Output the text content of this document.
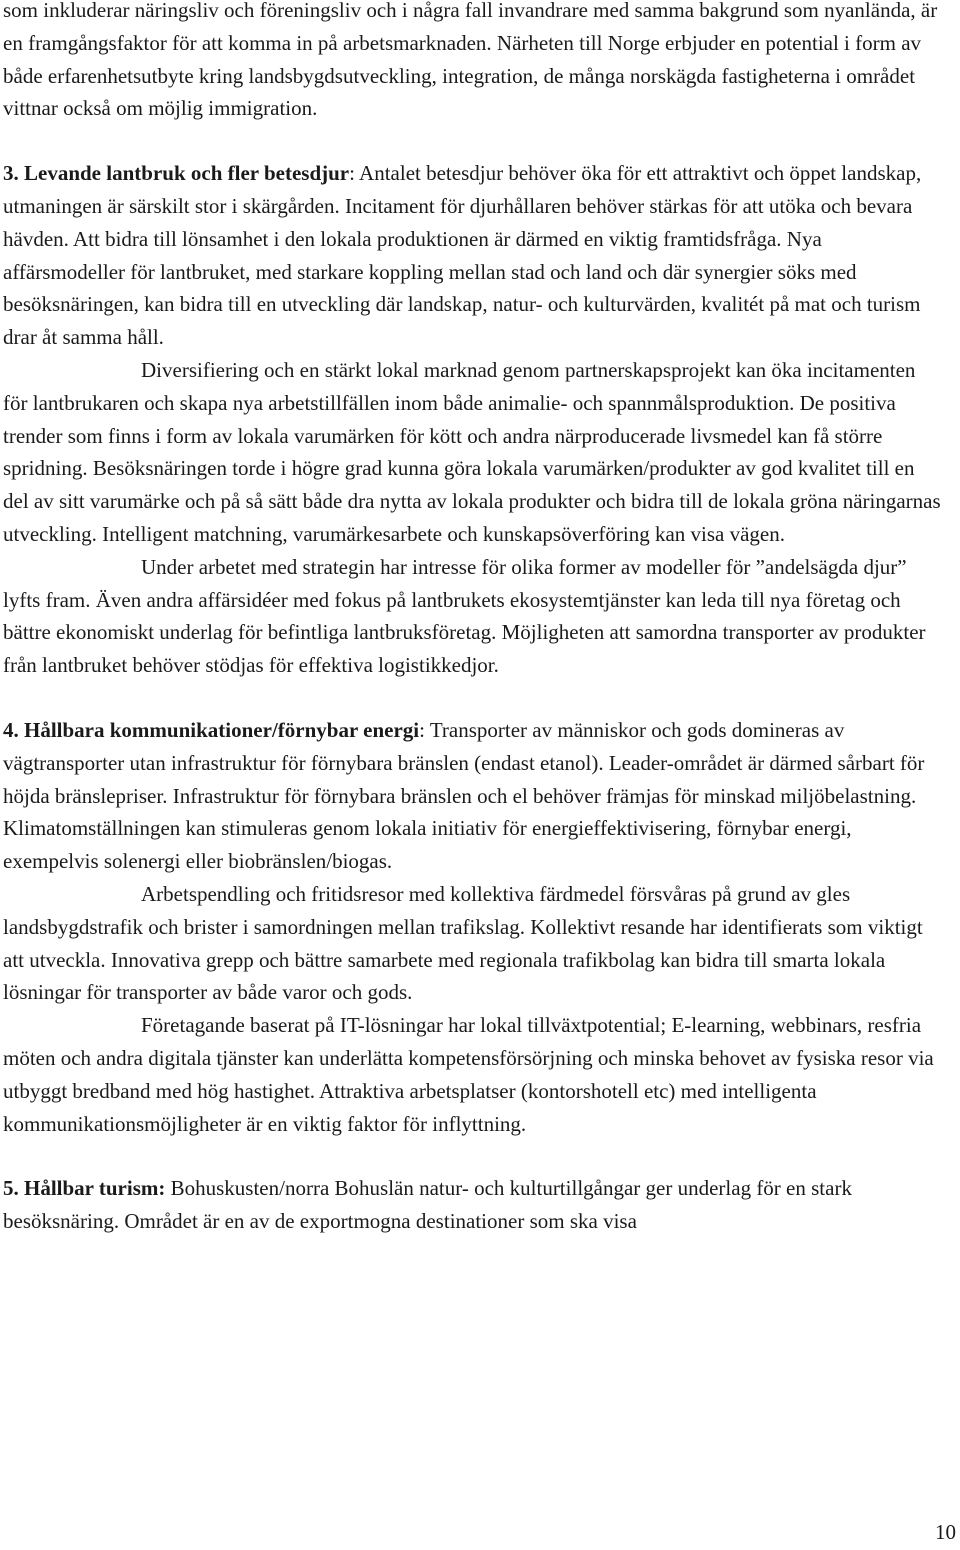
som inkluderar näringsliv och föreningsliv och i några fall invandrare med samma bakgrund som nyanlända, är en framgångsfaktor för att komma in på arbetsmarknaden. Närheten till Norge erbjuder en potential i form av både erfarenhetsutbyte kring landsbygdsutveckling, integration, de många norskägda fastigheterna i området vittnar också om möjlig immigration.

3. Levande lantbruk och fler betesdjur: Antalet betesdjur behöver öka för ett attraktivt och öppet landskap, utmaningen är särskilt stor i skärgården. Incitament för djurhållaren behöver stärkas för att utöka och bevara hävden. Att bidra till lönsamhet i den lokala produktionen är därmed en viktig framtidsfråga. Nya affärsmodeller för lantbruket, med starkare koppling mellan stad och land och där synergier söks med besöksnäringen, kan bidra till en utveckling där landskap, natur- och kulturvärden, kvalitét på mat och turism drar åt samma håll.

Diversifiering och en stärkt lokal marknad genom partnerskapsprojekt kan öka incitamenten för lantbrukaren och skapa nya arbetstillfällen inom både animalie- och spannmålsproduktion. De positiva trender som finns i form av lokala varumärken för kött och andra närproducerade livsmedel kan få större spridning. Besöksnäringen torde i högre grad kunna göra lokala varumärken/produkter av god kvalitet till en del av sitt varumärke och på så sätt både dra nytta av lokala produkter och bidra till de lokala gröna näringarnas utveckling. Intelligent matchning, varumärkesarbete och kunskapsöverföring kan visa vägen.

Under arbetet med strategin har intresse för olika former av modeller för ”andelsägda djur” lyfts fram. Även andra affärsidéer med fokus på lantbrukets ekosystemtjänster kan leda till nya företag och bättre ekonomiskt underlag för befintliga lantbruksföretag. Möjligheten att samordna transporter av produkter från lantbruket behöver stödjas för effektiva logistikkedjor.

4. Hållbara kommunikationer/förnybar energi: Transporter av människor och gods domineras av vägtransporter utan infrastruktur för förnybara bränslen (endast etanol). Leader-området är därmed sårbart för höjda bränslepriser. Infrastruktur för förnybara bränslen och el behöver främjas för minskad miljöbelastning. Klimatomställningen kan stimuleras genom lokala initiativ för energieffektivisering, förnybar energi, exempelvis solenergi eller biobränslen/biogas.

Arbetspendling och fritidsresor med kollektiva färdmedel försvåras på grund av gles landsbygdstrafik och brister i samordningen mellan trafikslag. Kollektivt resande har identifierats som viktigt att utveckla. Innovativa grepp och bättre samarbete med regionala trafikbolag kan bidra till smarta lokala lösningar för transporter av både varor och gods.

Företagande baserat på IT-lösningar har lokal tillväxtpotential; E-learning, webbinars, resfria möten och andra digitala tjänster kan underlätta kompetensförsörjning och minska behovet av fysiska resor via utbyggt bredband med hög hastighet. Attraktiva arbetsplatser (kontorshotell etc) med intelligenta kommunikationsmöjligheter är en viktig faktor för inflyttning.

5. Hållbar turism: Bohuskusten/norra Bohuslän natur- och kulturtillgångar ger underlag för en stark besöksnäring. Området är en av de exportmogna destinationer som ska visa

10
